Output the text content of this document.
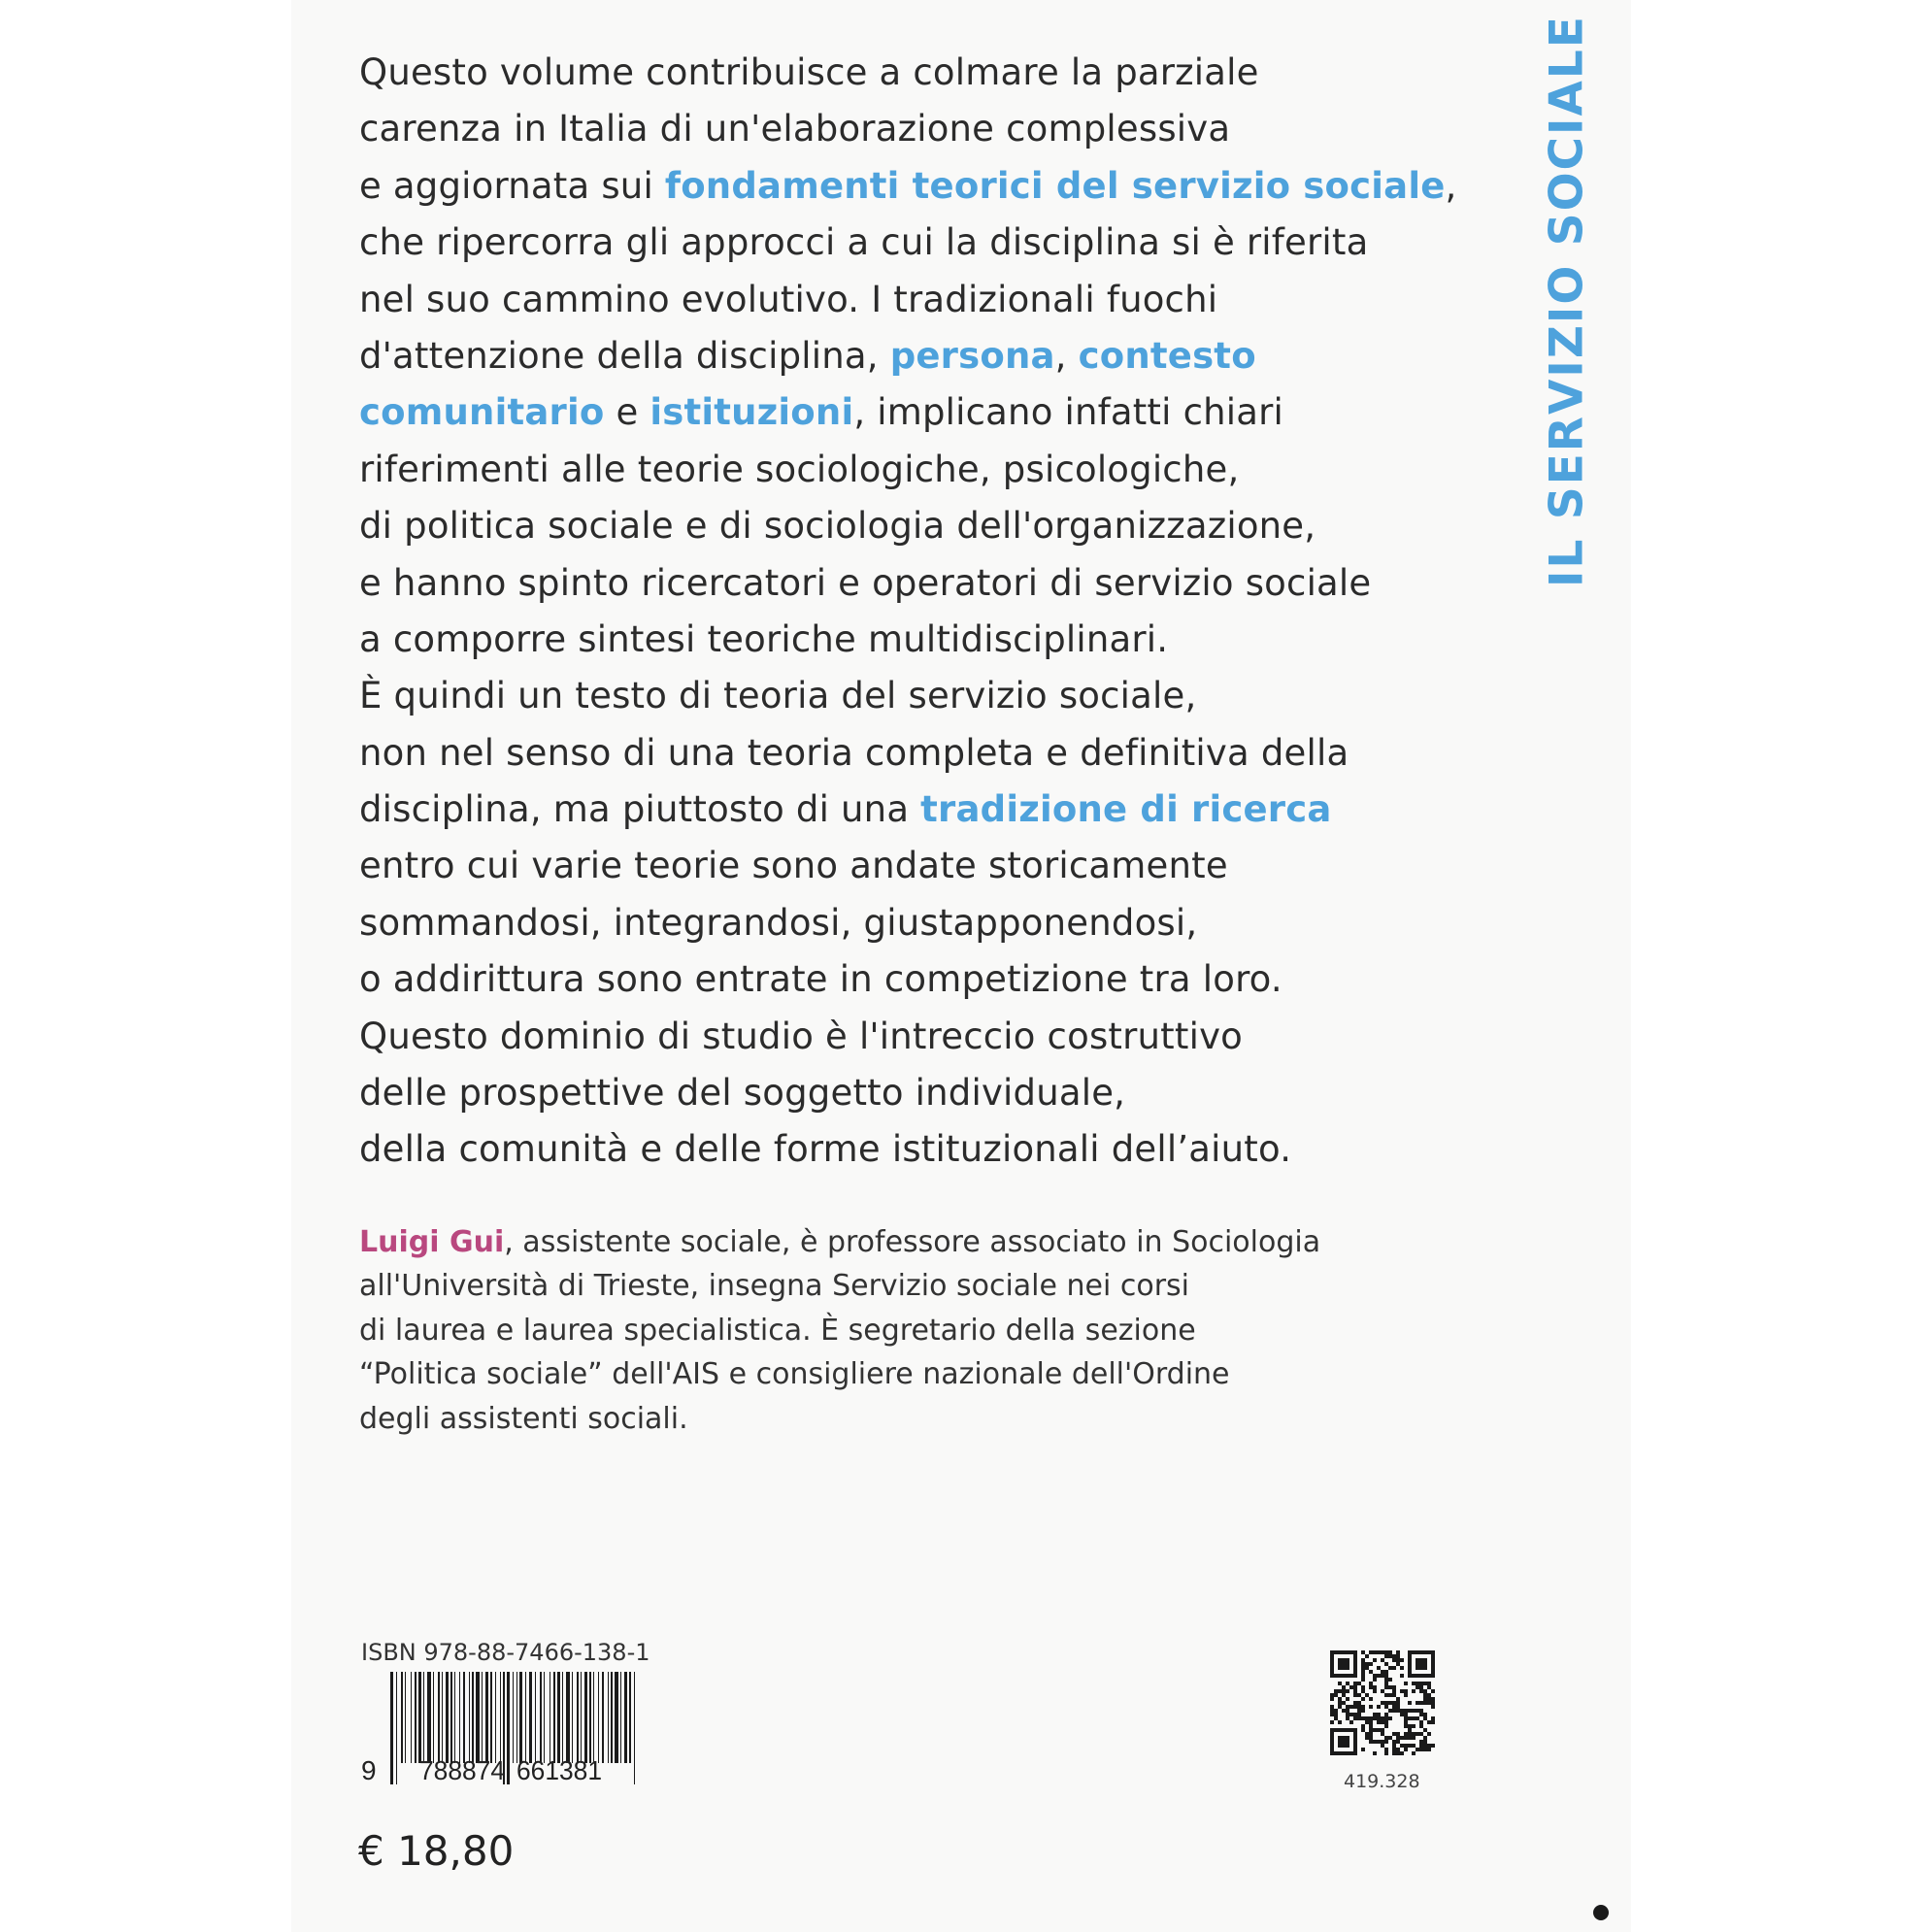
Questo volume contribuisce a colmare la parziale
carenza in Italia di un'elaborazione complessiva
e aggiornata sui fondamenti teorici del servizio sociale,
che ripercorra gli approcci a cui la disciplina si è riferita
nel suo cammino evolutivo. I tradizionali fuochi
d'attenzione della disciplina, persona, contesto
comunitario e istituzioni, implicano infatti chiari
riferimenti alle teorie sociologiche, psicologiche,
di politica sociale e di sociologia dell'organizzazione,
e hanno spinto ricercatori e operatori di servizio sociale
a comporre sintesi teoriche multidisciplinari.
È quindi un testo di teoria del servizio sociale,
non nel senso di una teoria completa e definitiva della
disciplina, ma piuttosto di una tradizione di ricerca
entro cui varie teorie sono andate storicamente
sommandosi, integrandosi, giustapponendosi,
o addirittura sono entrate in competizione tra loro.
Questo dominio di studio è l'intreccio costruttivo
delle prospettive del soggetto individuale,
della comunità e delle forme istituzionali dell’aiuto.
Luigi Gui, assistente sociale, è professore associato in Sociologia
all'Università di Trieste, insegna Servizio sociale nei corsi
di laurea e laurea specialistica. È segretario della sezione
“Politica sociale” dell'AIS e consigliere nazionale dell'Ordine
degli assistenti sociali.
IL SERVIZIO SOCIALE
ISBN 978-88-7466-138-1
9 788874 661381
€ 18,80
419.328
